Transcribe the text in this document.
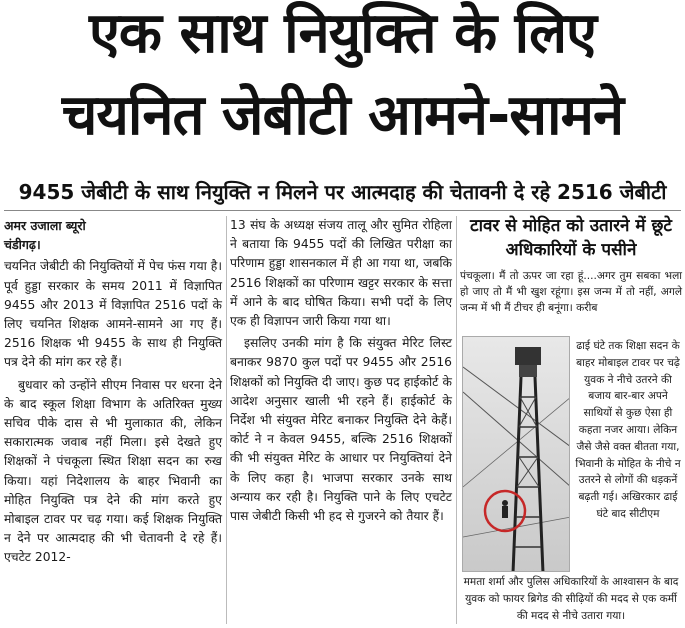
एक साथ नियुक्ति के लिए
चयनित जेबीटी आमने-सामने
9455 जेबीटी के साथ नियुक्ति न मिलने पर आत्मदाह की चेतावनी दे रहे 2516 जेबीटी
अमर उजाला ब्यूरो
चंडीगढ़।

चयनित जेबीटी की नियुक्तियों में पेच फंस गया है। पूर्व हुड्डा सरकार के समय 2011 में विज्ञापित 9455 और 2013 में विज्ञापित 2516 पदों के लिए चयनित शिक्षक आमने-सामने आ गए हैं। 2516 शिक्षक भी 9455 के साथ ही नियुक्ति पत्र देने की मांग कर रहे हैं।

बुधवार को उन्होंने सीएम निवास पर धरना देने के बाद स्कूल शिक्षा विभाग के अतिरिक्त मुख्य सचिव पीके दास से भी मुलाकात की, लेकिन सकारात्मक जवाब नहीं मिला। इसे देखते हुए शिक्षकों ने पंचकूला स्थित शिक्षा सदन का रुख किया। यहां निदेशालय के बाहर भिवानी का मोहित नियुक्ति पत्र देने की मांग करते हुए मोबाइल टावर पर चढ़ गया। कई शिक्षक नियुक्ति न देने पर आत्मदाह की भी चेतावनी दे रहे हैं। एचटेट 2012-

13 संघ के अध्यक्ष संजय तालू और सुमित रोहिला ने बताया कि 9455 पदों की लिखित परीक्षा का परिणाम हुड्डा शासनकाल में ही आ गया था, जबकि 2516 शिक्षकों का परिणाम खट्टर सरकार के सत्ता में आने के बाद घोषित किया। सभी पदों के लिए एक ही विज्ञापन जारी किया गया था।

इसलिए उनकी मांग है कि संयुक्त मेरिट लिस्ट बनाकर 9870 कुल पदों पर 9455 और 2516 शिक्षकों को नियुक्ति दी जाए। कुछ पद हाईकोर्ट के आदेश अनुसार खाली भी रहने हैं। हाईकोर्ट के निर्देश भी संयुक्त मेरिट बनाकर नियुक्ति देने केहैं। कोर्ट ने न केवल 9455, बल्कि 2516 शिक्षकों की भी संयुक्त मेरिट के आधार पर नियुक्तियां देने के लिए कहा है। भाजपा सरकार उनके साथ अन्याय कर रही है। नियुक्ति पाने के लिए एचटेट पास जेबीटी किसी भी हद से गुजरने को तैयार हैं।

टावर से मोहित को उतारने में छूटे अधिकारियों के पसीने
पंचकूला। मैं तो ऊपर जा रहा हूं....अगर तुम सबका भला हो जाए तो मैं भी खुश रहूंगा। इस जन्म में तो नहीं, अगले जन्म में भी मैं टीचर ही बनूंगा। करीब
ढाई घंटे तक शिक्षा सदन के बाहर मोबाइल टावर पर चढ़े युवक ने नीचे उतरने की बजाय बार-बार अपने साथियों से कुछ ऐसा ही कहता नजर आया। लेकिन जैसे जैसे वक्त बीतता गया, भिवानी के मोहित के नीचे न उतरने से लोगों की धड़कनें बढ़ती गई। अखिरकार ढाई घंटे बाद सीटीएम
ममता शर्मा और पुलिस अधिकारियों के आश्वासन के बाद युवक को फायर ब्रिगेड की सीढ़ियों की मदद से एक कर्मी की मदद से नीचे उतारा गया।
